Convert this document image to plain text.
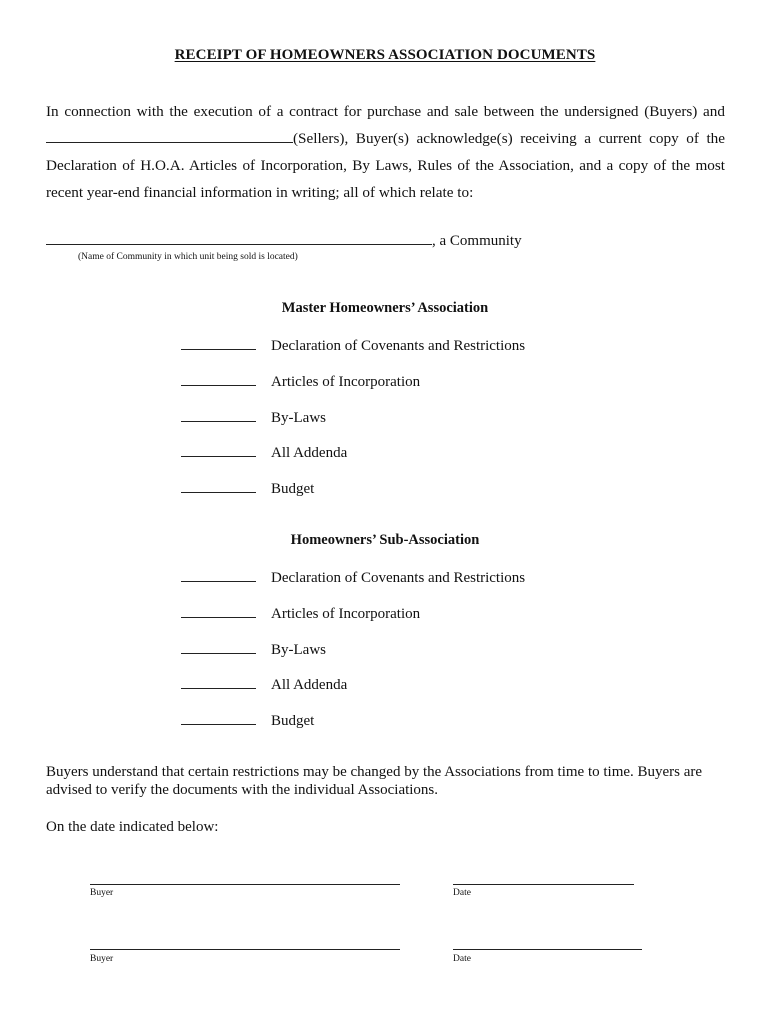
RECEIPT OF HOMEOWNERS ASSOCIATION DOCUMENTS
In connection with the execution of a contract for purchase and sale between the undersigned (Buyers) and (Sellers), Buyer(s) acknowledge(s) receiving a current copy of the Declaration of H.O.A. Articles of Incorporation, By Laws, Rules of the Association, and a copy of the most recent year-end financial information in writing; all of which relate to:
, a Community
(Name of Community in which unit being sold is located)
Master Homeowners’ Association
Declaration of Covenants and Restrictions
Articles of Incorporation
By-Laws
All Addenda
Budget
Homeowners’ Sub-Association
Declaration of Covenants and Restrictions
Articles of Incorporation
By-Laws
All Addenda
Budget
Buyers understand that certain restrictions may be changed by the Associations from time to time. Buyers are advised to verify the documents with the individual Associations.
On the date indicated below:
Buyer	Date
Buyer	Date
